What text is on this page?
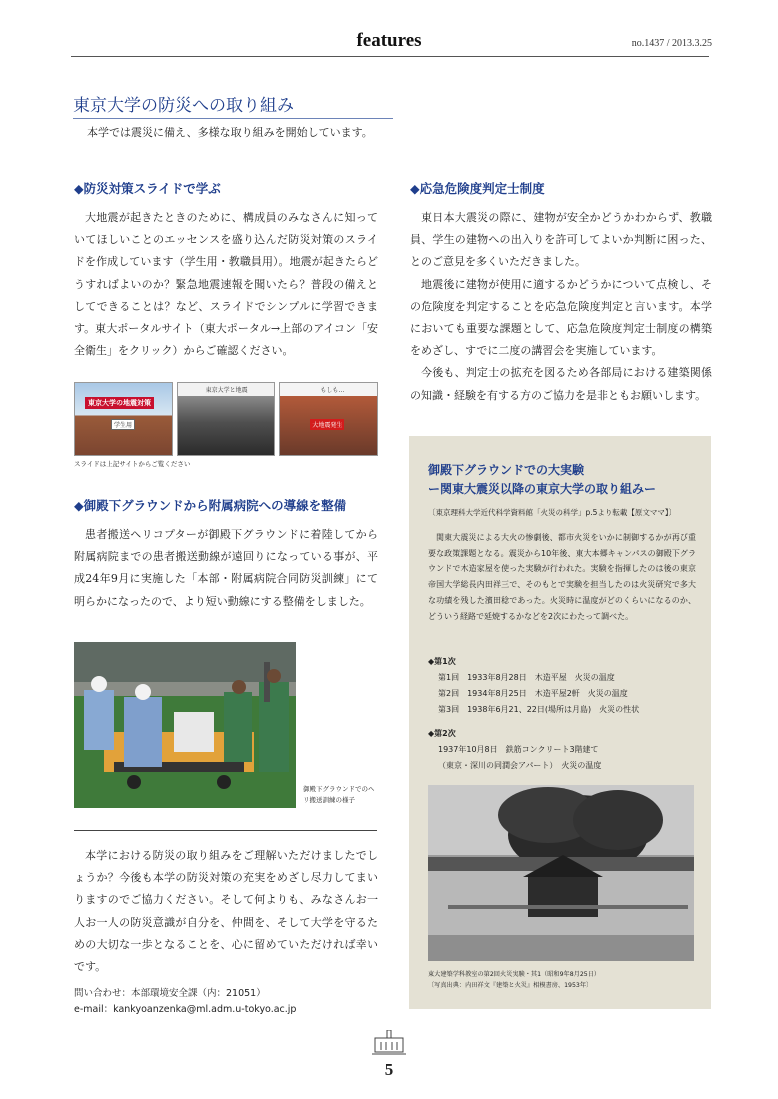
features	no.1437 / 2013.3.25
東京大学の防災への取り組み
本学では震災に備え、多様な取り組みを開始しています。
◆防災対策スライドで学ぶ

大地震が起きたときのために、構成員のみなさんに知っていてほしいことのエッセンスを盛り込んだ防災対策のスライドを作成しています（学生用・教職員用）。地震が起きたらどうすればよいのか？緊急地震速報を聞いたら？普段の備えとしてできることは？など、スライドでシンプルに学習できます。東大ポータルサイト（東大ポータル→上部のアイコン「安全衛生」をクリック）からご確認ください。

東京大学の地震対策
学生用
東京大学と地震	もしも…
大地震発生
スライドは上記サイトからご覧ください
◆御殿下グラウンドから附属病院への導線を整備

患者搬送ヘリコプターが御殿下グラウンドに着陸してから附属病院までの患者搬送動線が遠回りになっている事が、平成24年9月に実施した「本部・附属病院合同防災訓練」にて明らかになったので、より短い動線にする整備をしました。

御殿下グラウンドでのヘリ搬送訓練の様子

本学における防災の取り組みをご理解いただけましたでしょうか？今後も本学の防災対策の充実をめざし尽力してまいりますのでご協力ください。そして何よりも、みなさんお一人お一人の防災意識が自分を、仲間を、そして大学を守るための大切な一歩となることを、心に留めていただければ幸いです。

問い合わせ：本部環境安全課（内：21051）
e-mail：kankyoanzenka@ml.adm.u-tokyo.ac.jp
◆応急危険度判定士制度

東日本大震災の際に、建物が安全かどうかわからず、教職員、学生の建物への出入りを許可してよいか判断に困った、とのご意見を多くいただきました。

地震後に建物が使用に適するかどうかについて点検し、その危険度を判定することを応急危険度判定と言います。本学においても重要な課題として、応急危険度判定士制度の構築をめざし、すでに二度の講習会を実施しています。

今後も、判定士の拡充を図るため各部局における建築関係の知識・経験を有する方のご協力を是非ともお願いします。

御殿下グラウンドでの大実験
ー関東大震災以降の東京大学の取り組みー
〔東京理科大学近代科学資料館「火災の科学」p.5より転載【原文ママ】〕

関東大震災による大火の惨劇後、都市火災をいかに制御するかが再び重要な政策課題となる。震災から10年後、東大本郷キャンパスの御殿下グラウンドで木造家屋を使った実験が行われた。実験を指揮したのは後の東京帝国大学総長内田祥三で、そのもとで実験を担当したのは火災研究で多大な功績を残した濱田稔であった。火災時に温度がどのくらいになるのか、どういう経路で延焼するかなどを2次にわたって調べた。

◆第1次
第1回　1933年8月28日　木造平屋　火災の温度
第2回　1934年8月25日　木造平屋2軒　火災の温度
第3回　1938年6月21、22日(場所は月島)　火災の性状
◆第2次
1937年10月8日　鉄筋コンクリート3階建て
（東京・深川の同潤会アパート）　火災の温度
東大建築学科教室の第2回火災実験・其1（昭和9年8月25日）
〔写真出典：内田祥文『建築と火災』相模書房、1953年〕
5
